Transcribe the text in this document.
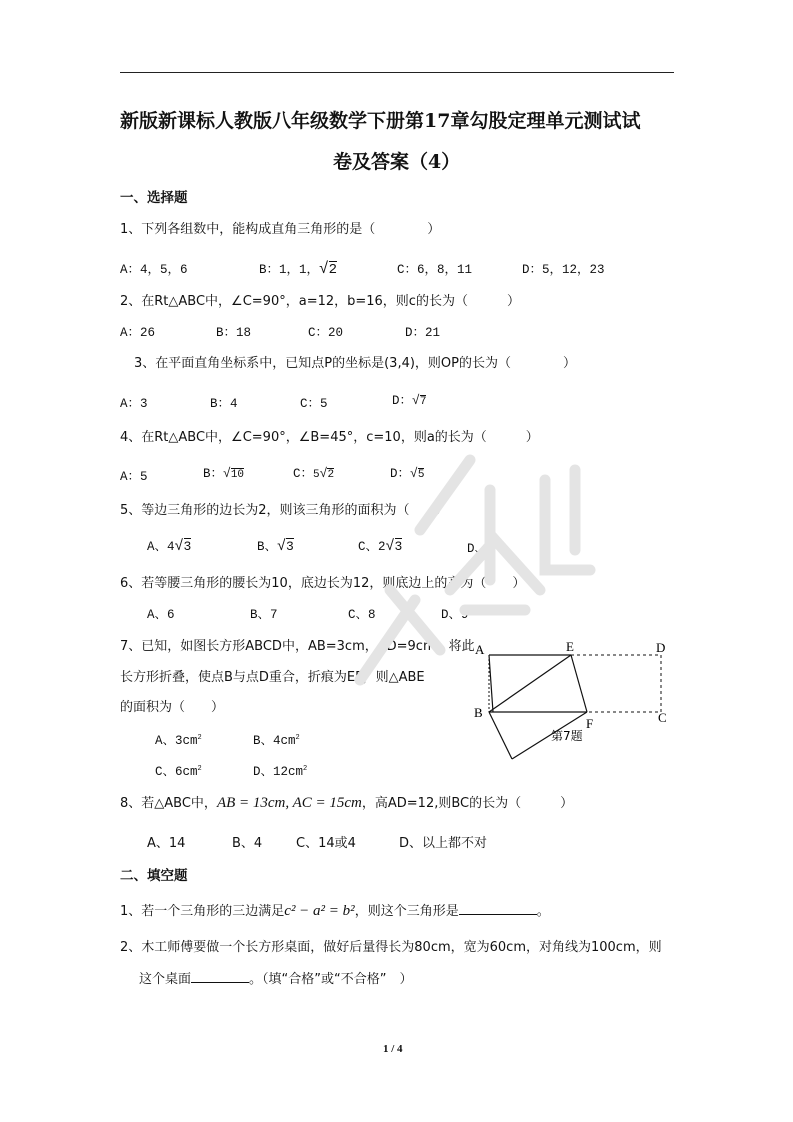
新版新课标人教版八年级数学下册第17章勾股定理单元测试试
卷及答案（4）
一、选择题
1、下列各组数中，能构成直角三角形的是（　　　　）
A：4，5，6	B：1，1，√2	C：6，8，11	D：5，12，23
2、在Rt△ABC中，∠C=90°，a=12，b=16，则c的长为（　　　）
A：26	B：18	C：20	D：21
3、在平面直角坐标系中，已知点P的坐标是(3,4)，则OP的长为（　　　　）
A：3	B：4	C：5	D：√7
4、在Rt△ABC中，∠C=90°，∠B=45°，c=10，则a的长为（　　　）
A：5	B：√10	C：5√2	D：√5
5、等边三角形的边长为2，则该三角形的面积为（　　）
A、4√3	B、√3	C、2√3	D、3
6、若等腰三角形的腰长为10，底边长为12，则底边上的高为（　　）
A、6	B、7	C、8	D、9
7、已知，如图长方形ABCD中，AB=3cm，AD=9cm，将此
长方形折叠，使点B与点D重合，折痕为EF，则△ABE
的面积为（　　）
A、$3cm^2$	B、$4cm^2$
C、$6cm^2$	D、$12cm^2$
A
B
E	D
F	C
第7题
8、若△ABC中，AB = 13cm, AC = 15cm，高AD=12,则BC的长为（　　　）
A、14	B、4	C、14或4	D、以上都不对
二、填空题
1、若一个三角形的三边满足c² − a² = b²，则这个三角形是	。
2、木工师傅要做一个长方形桌面，做好后量得长为80cm，宽为60cm，对角线为100cm，则
这个桌面	。（填“合格”或“不合格”　）
1 / 4
